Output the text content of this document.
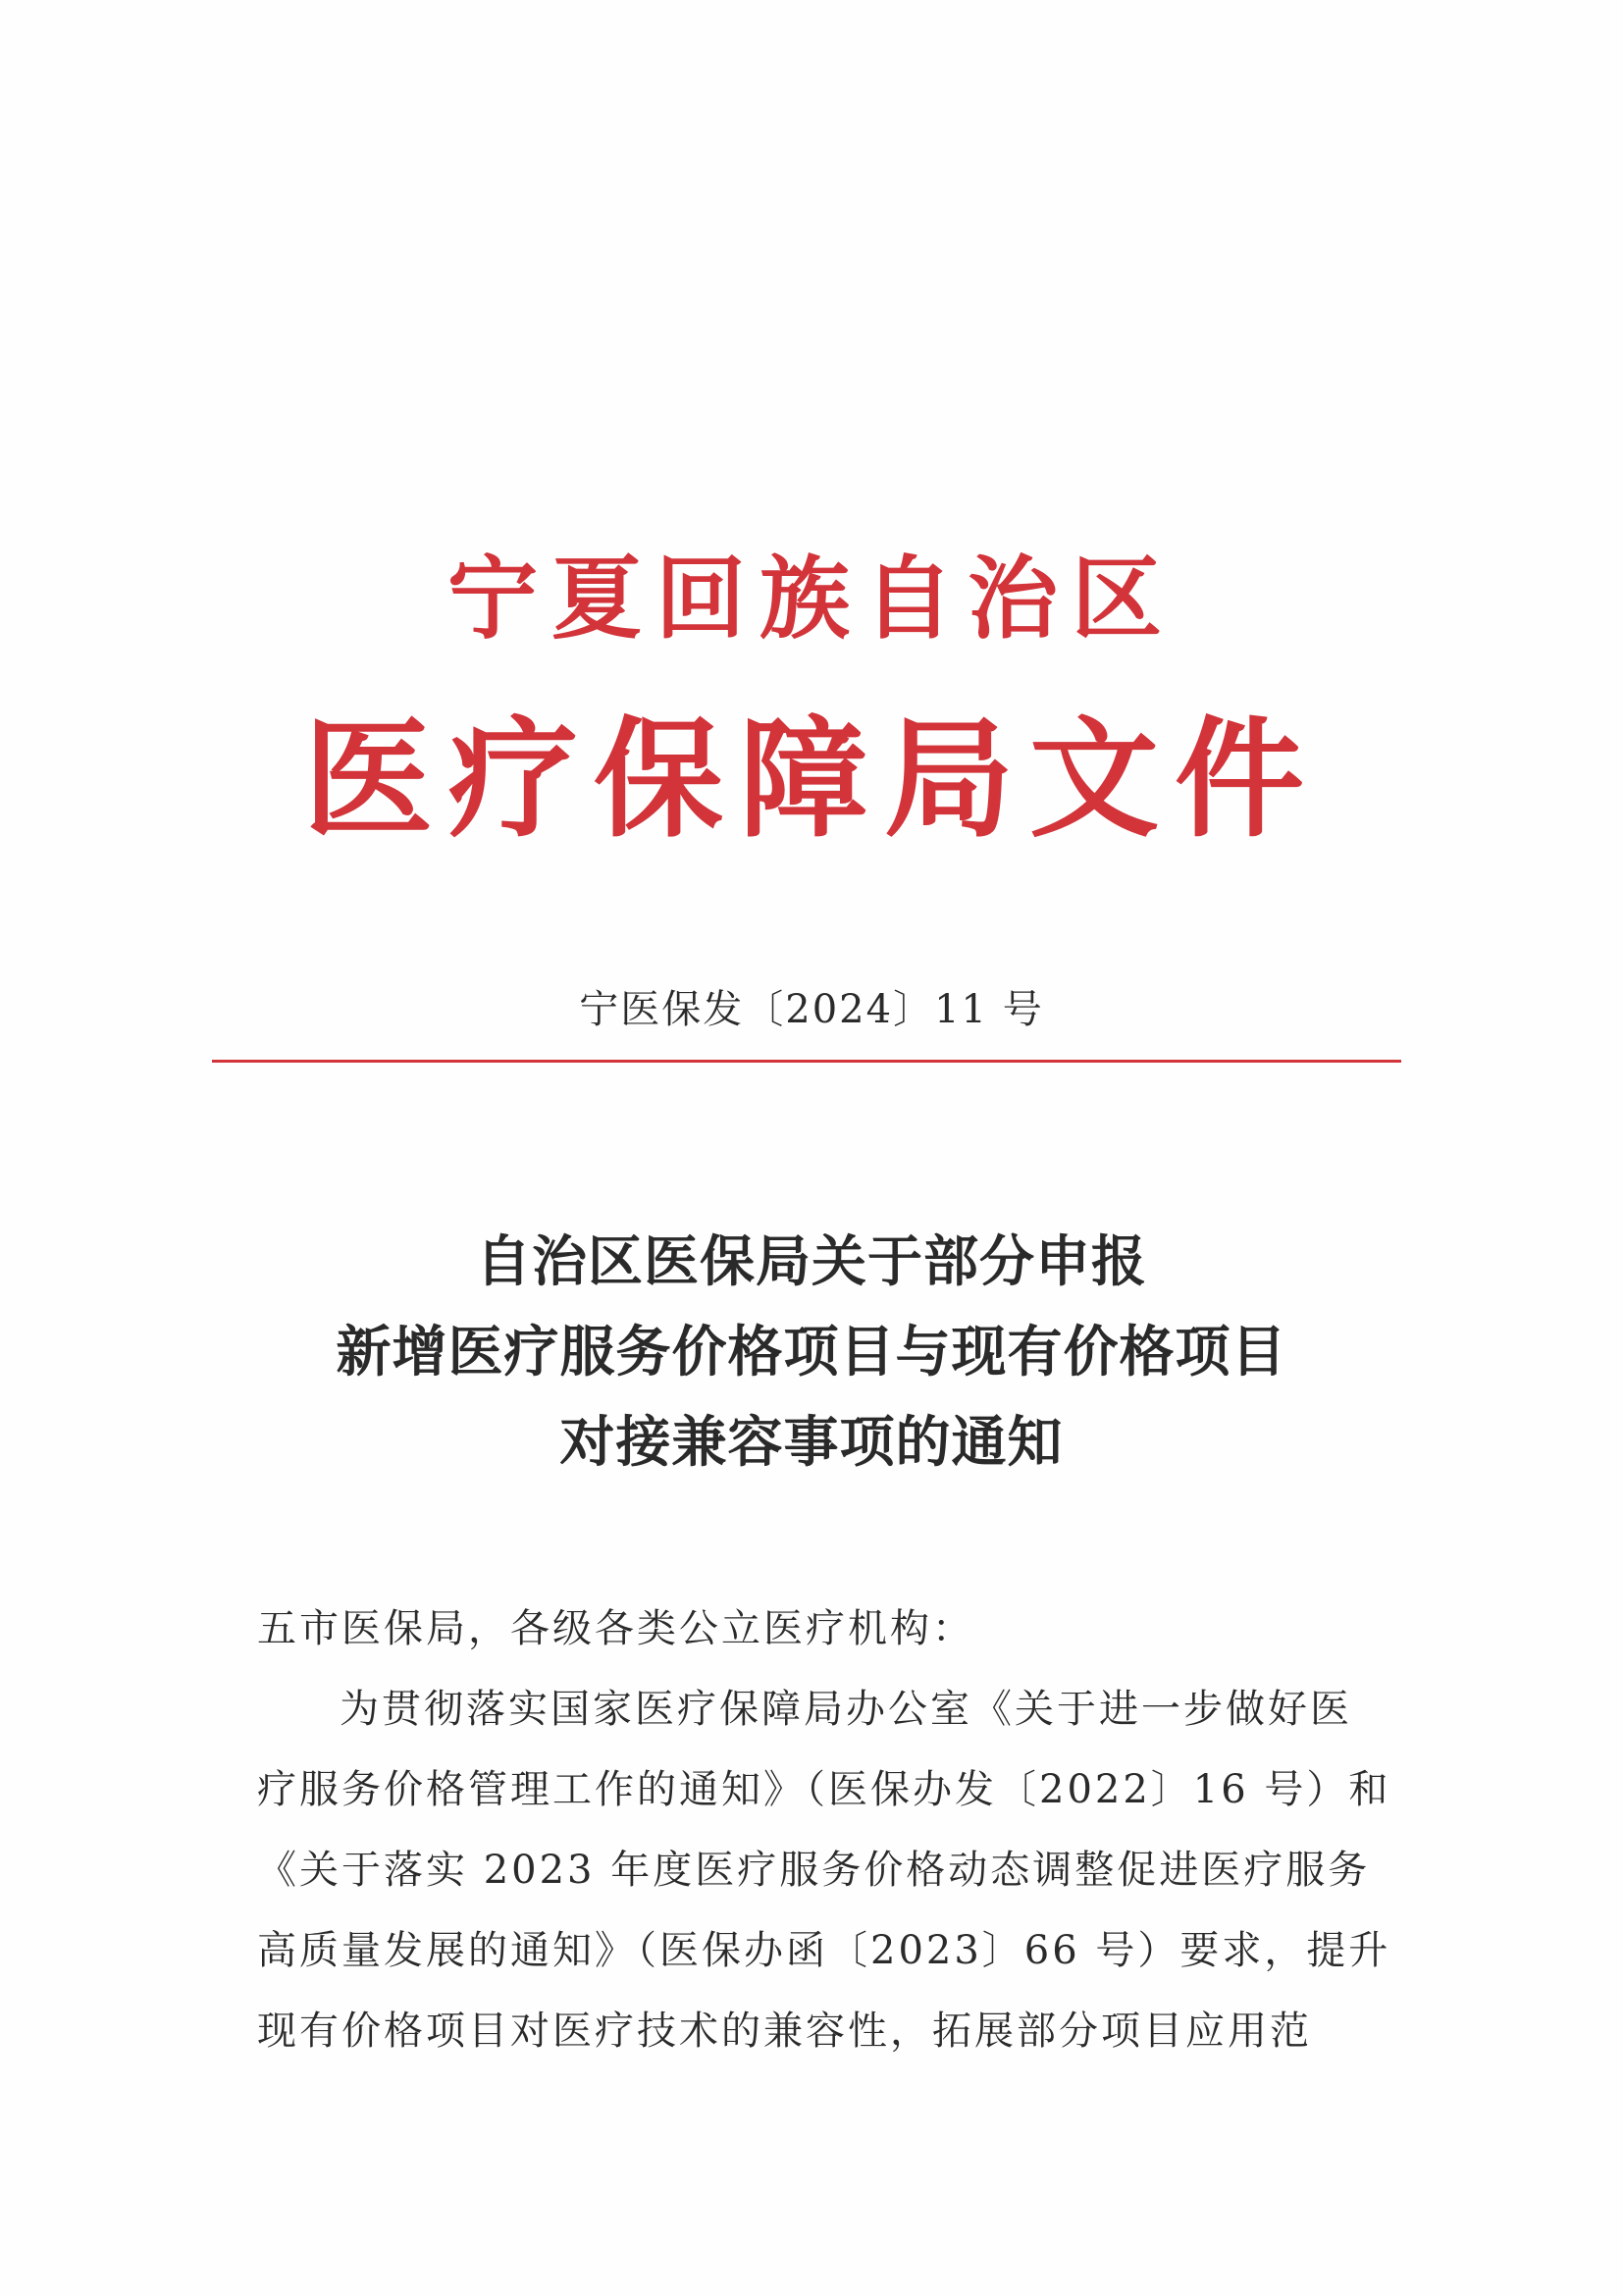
宁夏回族自治区
医疗保障局文件
宁医保发〔2024〕11 号
自治区医保局关于部分申报
新增医疗服务价格项目与现有价格项目
对接兼容事项的通知
五市医保局，各级各类公立医疗机构：
为贯彻落实国家医疗保障局办公室《关于进一步做好医
疗服务价格管理工作的通知》（医保办发〔2022〕16 号）和
《关于落实 2023 年度医疗服务价格动态调整促进医疗服务
高质量发展的通知》（医保办函〔2023〕66 号）要求，提升
现有价格项目对医疗技术的兼容性，拓展部分项目应用范
